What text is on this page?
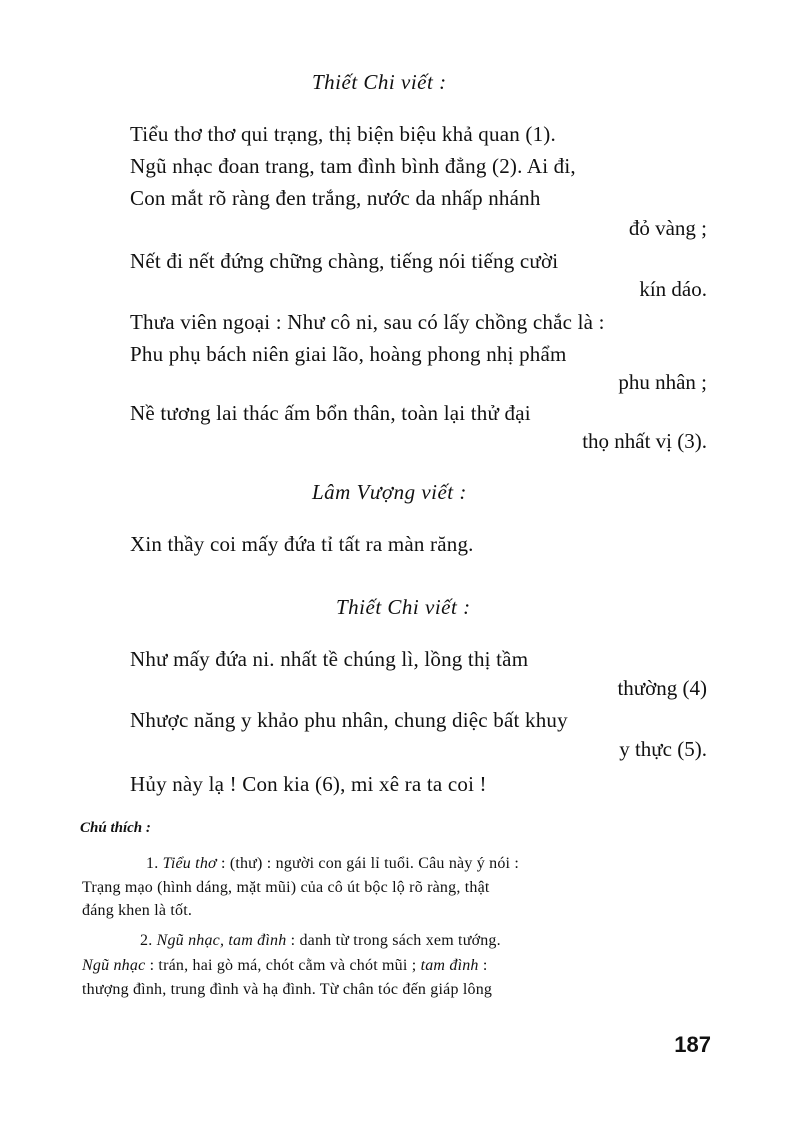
Thiết Chi viết :
Tiểu thơ thơ qui trạng, thị biện biệu khả quan (1).
Ngũ nhạc đoan trang, tam đình bình đẳng (2). Ai đi,
Con mắt rõ ràng đen trắng, nước da nhấp nhánh
đỏ vàng ;
Nết đi nết đứng chững chàng, tiếng nói tiếng cười
kín dáo.
Thưa viên ngoại : Như cô ni, sau có lấy chồng chắc là :
Phu phụ bách niên giai lão, hoàng phong nhị phẩm
phu nhân ;
Nề tương lai thác ấm bổn thân, toàn lại thử đại
thọ nhất vị (3).
Lâm Vượng viết :
Xin thầy coi mấy đứa tỉ tất ra màn răng.
Thiết Chi viết :
Như mấy đứa ni. nhất tề chúng lì, lồng thị tầm
thường (4)
Nhược năng y khảo phu nhân, chung diệc bất khuy
y thực (5).
Hủy này lạ ! Con kia (6), mi xê ra ta coi !
Chú thích :
1. Tiểu thơ : (thư) : người con gái lỉ tuổi. Câu này ý nói :
Trạng mạo (hình dáng, mặt mũi) của cô út bộc lộ rõ ràng, thật
đáng khen là tốt.
2. Ngũ nhạc, tam đình : danh từ trong sách xem tướng.
Ngũ nhạc : trán, hai gò má, chót cằm và chót mũi ; tam đình :
thượng đình, trung đình và hạ đình. Từ chân tóc đến giáp lông
187
